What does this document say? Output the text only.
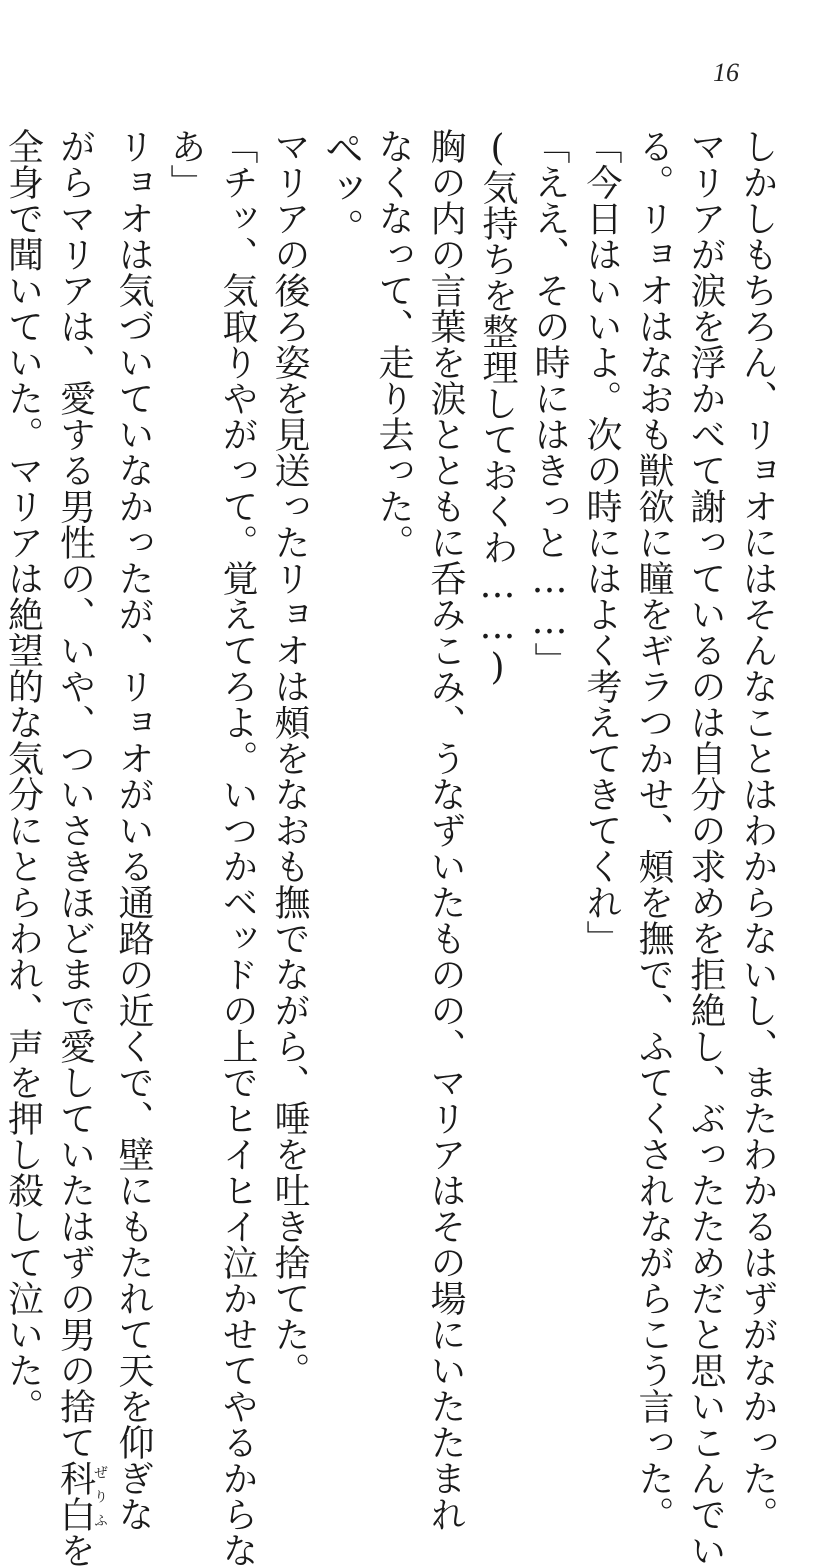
16

しかしもちろん、リョオにはそんなことはわからないし、またわかるはずがなかった。

マリアが涙を浮かべて謝っているのは自分の求めを拒絶し、ぶったためだと思いこんでい

る。リョオはなおも獣欲に瞳をギラつかせ、頰を撫で、ふてくされながらこう言った。

「今日はいいよ。次の時にはよく考えてきてくれ」

「ええ、その時にはきっと……」

(気持ちを整理しておくわ……)

胸の内の言葉を涙とともに呑みこみ、うなずいたものの、マリアはその場にいたたまれ

なくなって、走り去った。

ペッ。

マリアの後ろ姿を見送ったリョオは頰をなおも撫でながら、唾を吐き捨てた。

「チッ、気取りやがって。覚えてろよ。いつかベッドの上でヒイヒイ泣かせてやるからな

あ」

リョオは気づいていなかったが、リョオがいる通路の近くで、壁にもたれて天を仰ぎな

がらマリアは、愛する男性の、いや、ついさきほどまで愛していたはずの男の捨て科白ぜりふを

全身で聞いていた。マリアは絶望的な気分にとらわれ、声を押し殺して泣いた。
